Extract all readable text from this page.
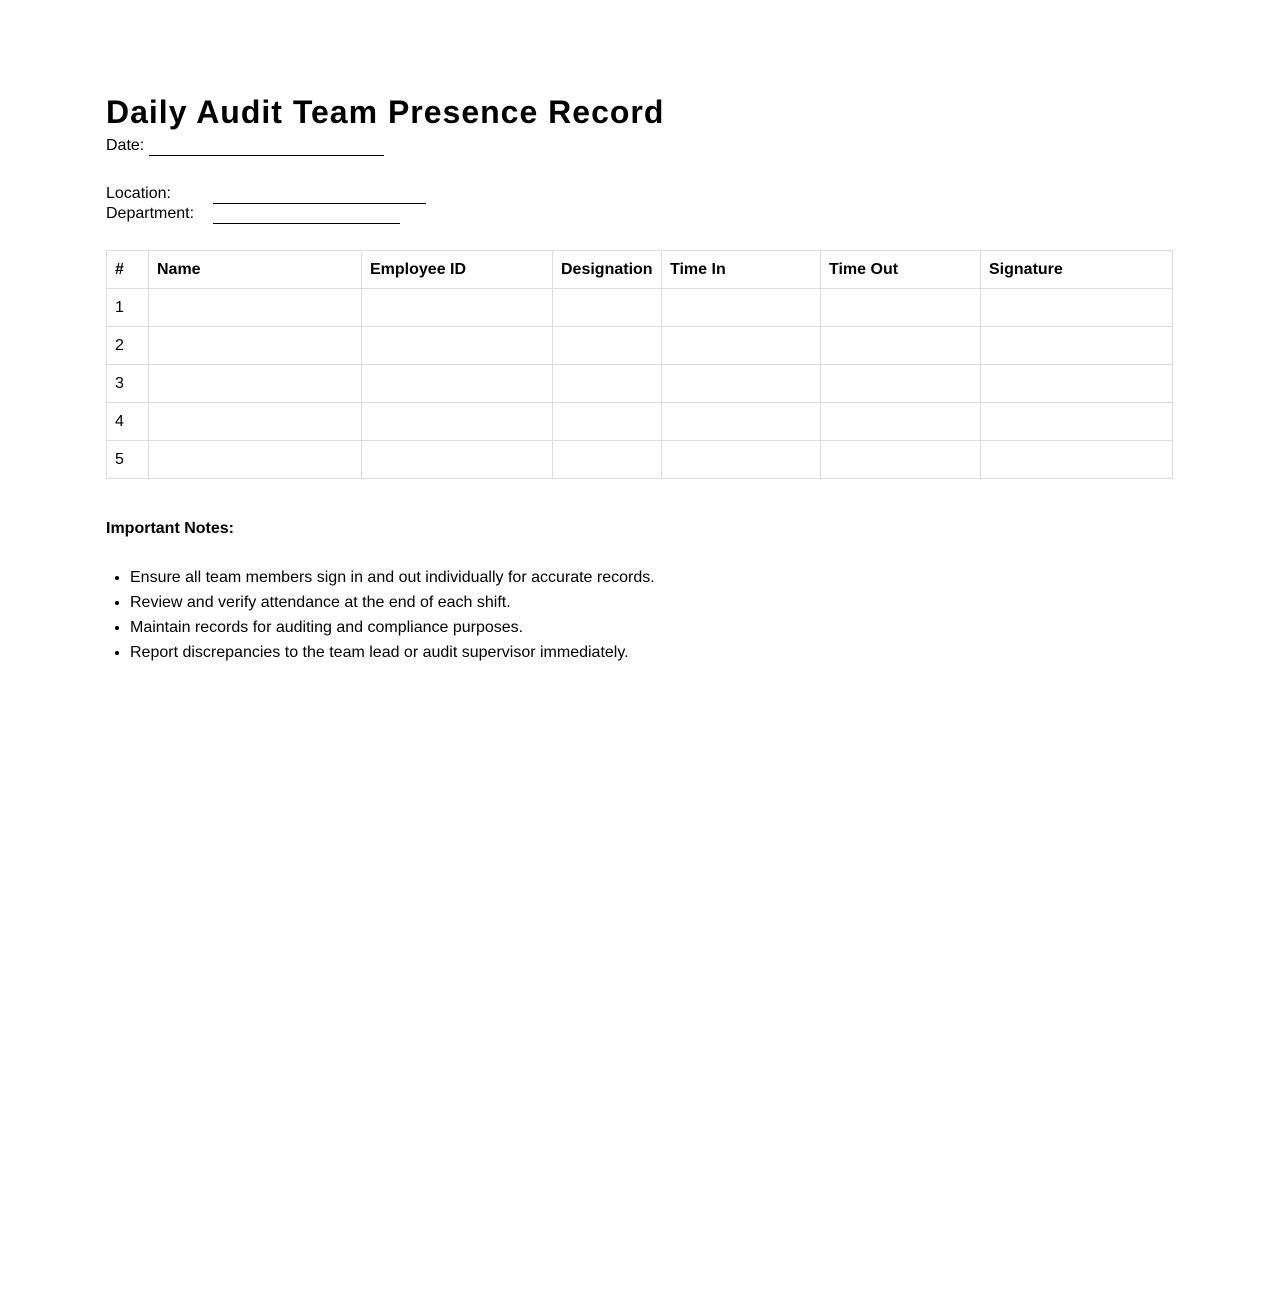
Daily Audit Team Presence Record
Date:
Location:
Department:
#	Name	Employee ID	Designation	Time In	Time Out	Signature
1						
2						
3						
4						
5						
Important Notes:
• Ensure all team members sign in and out individually for accurate records.
• Review and verify attendance at the end of each shift.
• Maintain records for auditing and compliance purposes.
• Report discrepancies to the team lead or audit supervisor immediately.
